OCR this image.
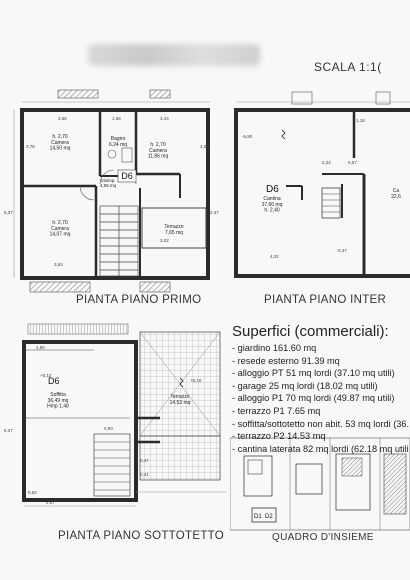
SCALA 1:1(
3,66	1,66	3,44
3,76	3,53
3,62
3,02
5,37	2,47
h. 2,70 Camera 14,50 mq
Bagno 6,24 mq	h. 2,70 Camera 11,86 mq
Disimp. 4,58 mq
h. 2,70 Camera 14,07 mq
Terrazzo 7,65 mq
D6
PIANTA PIANO PRIMO
-5,90
2,22	0,57
4,32
0,47
1,18
Cantina 37,60 mq h. 2,40
Ca 22,6
D6
PIANTA PIANO INTER
4,80
+5,10
0,62
0,90
0,47
0,41
4,97
5,37
+5,10
Soffitta 36,49 mq Hmp 1,48
Terrazzo 14,53 mq
D6
PIANTA PIANO SOTTOTETTO
D1 D2
QUADRO D'INSIEME
Superfici (commerciali):
- giardino 161.60 mq
- resede esterno 91.39 mq
- alloggio PT 51 mq lordi (37.10 mq utili)
- garage 25 mq lordi (18.02 mq utili)
- alloggio P1 70 mq lordi (49.87 mq utili)
- terrazzo P1 7.65 mq
- soffitta/sottotetto non abit. 53 mq lordi (36.
- terrazzo P2 14.53 mq
- cantina laterata 82 mq lordi (62.18 mq utili
